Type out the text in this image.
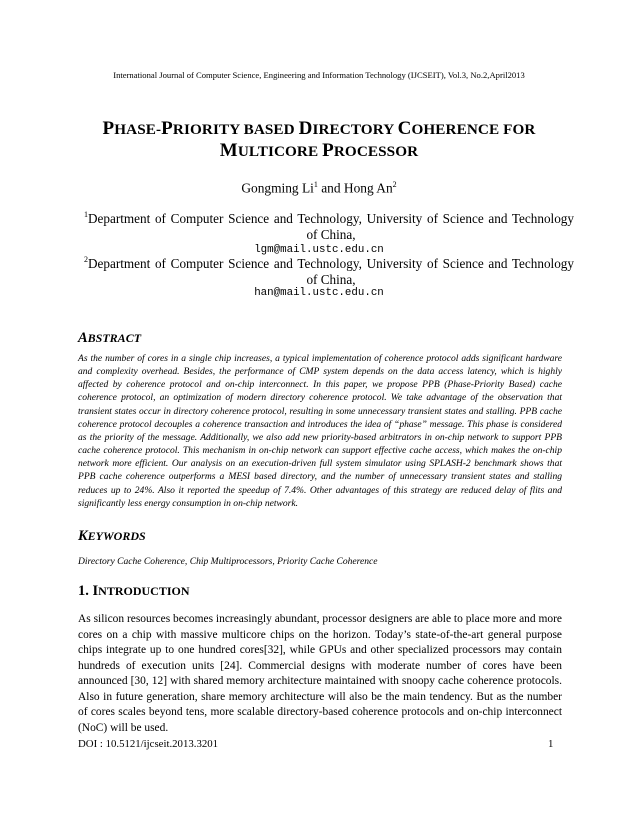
International Journal of Computer Science, Engineering and Information Technology (IJCSEIT), Vol.3, No.2,April2013
PHASE-PRIORITY BASED DIRECTORY COHERENCE FOR
MULTICORE PROCESSOR
Gongming Li$^1$ and Hong An$^2$
1 Department of Computer Science and Technology, University of Science and Technology of China,
lgm@mail.ustc.edu.cn
2 Department of Computer Science and Technology, University of Science and Technology of China,
han@mail.ustc.edu.cn
ABSTRACT
As the number of cores in a single chip increases, a typical implementation of coherence protocol adds significant hardware and complexity overhead. Besides, the performance of CMP system depends on the data access latency, which is highly affected by coherence protocol and on-chip interconnect. In this paper, we propose PPB (Phase-Priority Based) cache coherence protocol, an optimization of modern directory coherence protocol. We take advantage of the observation that transient states occur in directory coherence protocol, resulting in some unnecessary transient states and stalling. PPB cache coherence protocol decouples a coherence transaction and introduces the idea of “phase” message. This phase is considered as the priority of the message. Additionally, we also add new priority-based arbitrators in on-chip network to support PPB cache coherence protocol. This mechanism in on-chip network can support effective cache access, which makes the on-chip network more efficient. Our analysis on an execution-driven full system simulator using SPLASH-2 benchmark shows that PPB cache coherence outperforms a MESI based directory, and the number of unnecessary transient states and stalling reduces up to 24%. Also it reported the speedup of 7.4%. Other advantages of this strategy are reduced delay of flits and significantly less energy consumption in on-chip network.
KEYWORDS
Directory Cache Coherence, Chip Multiprocessors, Priority Cache Coherence
1. INTRODUCTION
As silicon resources becomes increasingly abundant, processor designers are able to place more and more cores on a chip with massive multicore chips on the horizon. Today’s state-of-the-art general purpose chips integrate up to one hundred cores[32], while GPUs and other specialized processors may contain hundreds of execution units [24]. Commercial designs with moderate number of cores have been announced [30, 12] with shared memory architecture maintained with snoopy cache coherence protocols. Also in future generation, share memory architecture will also be the main tendency. But as the number of cores scales beyond tens, more scalable directory-based coherence protocols and on-chip interconnect (NoC) will be used.
DOI : 10.5121/ijcseit.2013.3201	1
